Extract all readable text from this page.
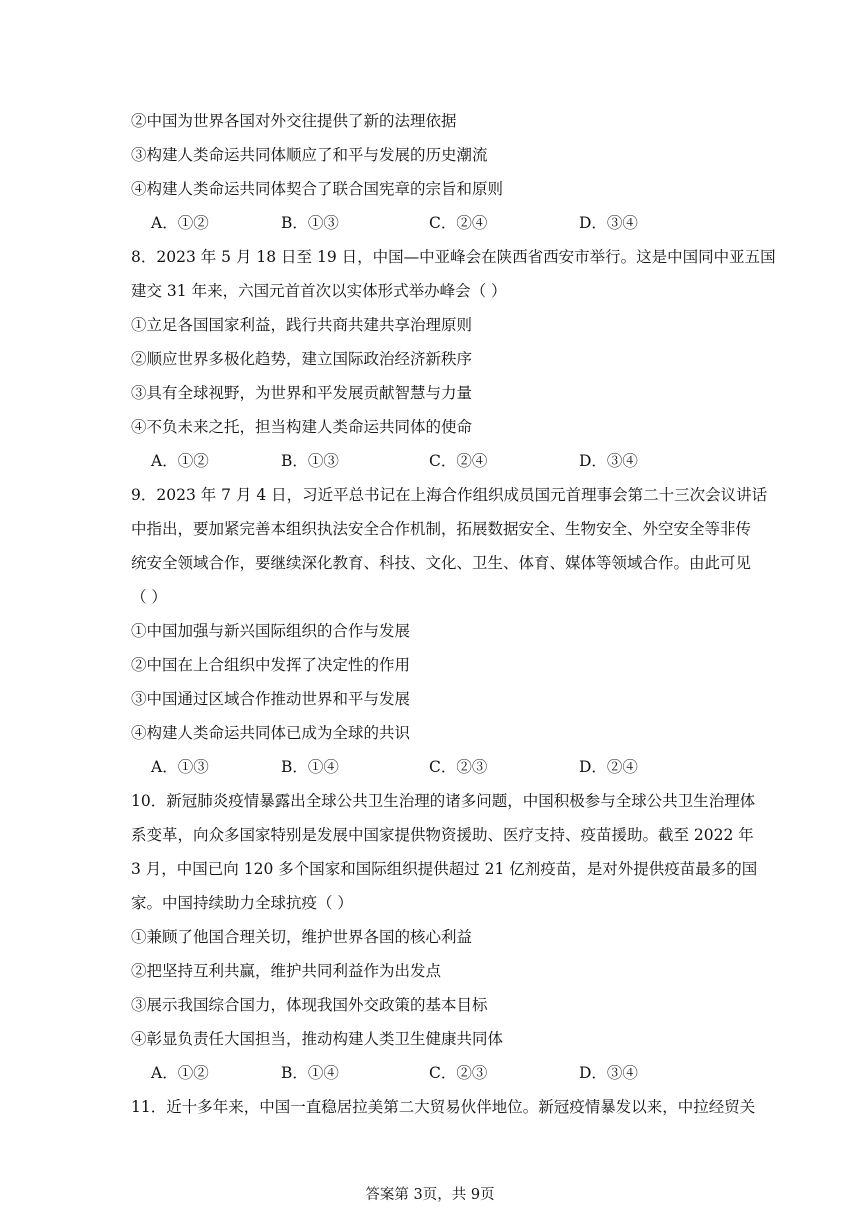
②中国为世界各国对外交往提供了新的法理依据
③构建人类命运共同体顺应了和平与发展的历史潮流
④构建人类命运共同体契合了联合国宪章的宗旨和原则
A．①②	B．①③	C．②④	D．③④
8．2023 年 5 月 18 日至 19 日，中国—中亚峰会在陕西省西安市举行。这是中国同中亚五国
建交 31 年来，六国元首首次以实体形式举办峰会（ ）
①立足各国国家利益，践行共商共建共享治理原则
②顺应世界多极化趋势，建立国际政治经济新秩序
③具有全球视野，为世界和平发展贡献智慧与力量
④不负未来之托，担当构建人类命运共同体的使命
A．①②	B．①③	C．②④	D．③④
9．2023 年 7 月 4 日，习近平总书记在上海合作组织成员国元首理事会第二十三次会议讲话
中指出，要加紧完善本组织执法安全合作机制，拓展数据安全、生物安全、外空安全等非传
统安全领域合作，要继续深化教育、科技、文化、卫生、体育、媒体等领域合作。由此可见
（ ）
①中国加强与新兴国际组织的合作与发展
②中国在上合组织中发挥了决定性的作用
③中国通过区域合作推动世界和平与发展
④构建人类命运共同体已成为全球的共识
A．①③	B．①④	C．②③	D．②④
10．新冠肺炎疫情暴露出全球公共卫生治理的诸多问题，中国积极参与全球公共卫生治理体
系变革，向众多国家特别是发展中国家提供物资援助、医疗支持、疫苗援助。截至 2022 年
3 月，中国已向 120 多个国家和国际组织提供超过 21 亿剂疫苗，是对外提供疫苗最多的国
家。中国持续助力全球抗疫（ ）
①兼顾了他国合理关切，维护世界各国的核心利益
②把坚持互利共赢，维护共同利益作为出发点
③展示我国综合国力，体现我国外交政策的基本目标
④彰显负责任大国担当，推动构建人类卫生健康共同体
A．①②	B．①④	C．②③	D．③④
11．近十多年来，中国一直稳居拉美第二大贸易伙伴地位。新冠疫情暴发以来，中拉经贸关
答案第 3页，共 9页
